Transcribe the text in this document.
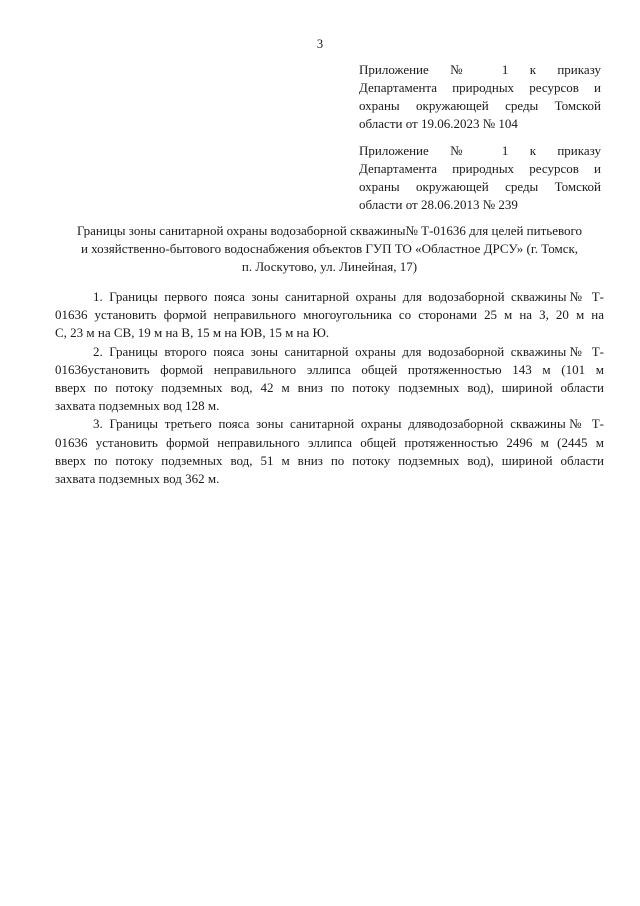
3
Приложение № 1 к приказу
Департамента природных ресурсов и
охраны окружающей среды Томской
области от 19.06.2023 № 104
Приложение № 1 к приказу
Департамента природных ресурсов и
охраны окружающей среды Томской
области от 28.06.2013 № 239
Границы зоны санитарной охраны водозаборной скважины№ Т-01636 для целей питьевого
и хозяйственно-бытового водоснабжения объектов ГУП ТО «Областное ДРСУ» (г. Томск,
п. Лоскутово, ул. Линейная, 17)
1. Границы первого пояса зоны санитарной охраны для водозаборной скважины№ Т-
01636 установить формой неправильного многоугольника со сторонами 25 м на З, 20 м на
С, 23 м на СВ, 19 м на В, 15 м на ЮВ, 15 м на Ю.
2. Границы второго пояса зоны санитарной охраны для водозаборной скважины№ Т-
01636установить формой неправильного эллипса общей протяженностью 143 м (101 м
вверх по потоку подземных вод, 42 м вниз по потоку подземных вод), шириной области
захвата подземных вод 128 м.
3. Границы третьего пояса зоны санитарной охраны дляводозаборной скважины№ Т-
01636 установить формой неправильного эллипса общей протяженностью 2496 м (2445 м
вверх по потоку подземных вод, 51 м вниз по потоку подземных вод), шириной области
захвата подземных вод 362 м.
